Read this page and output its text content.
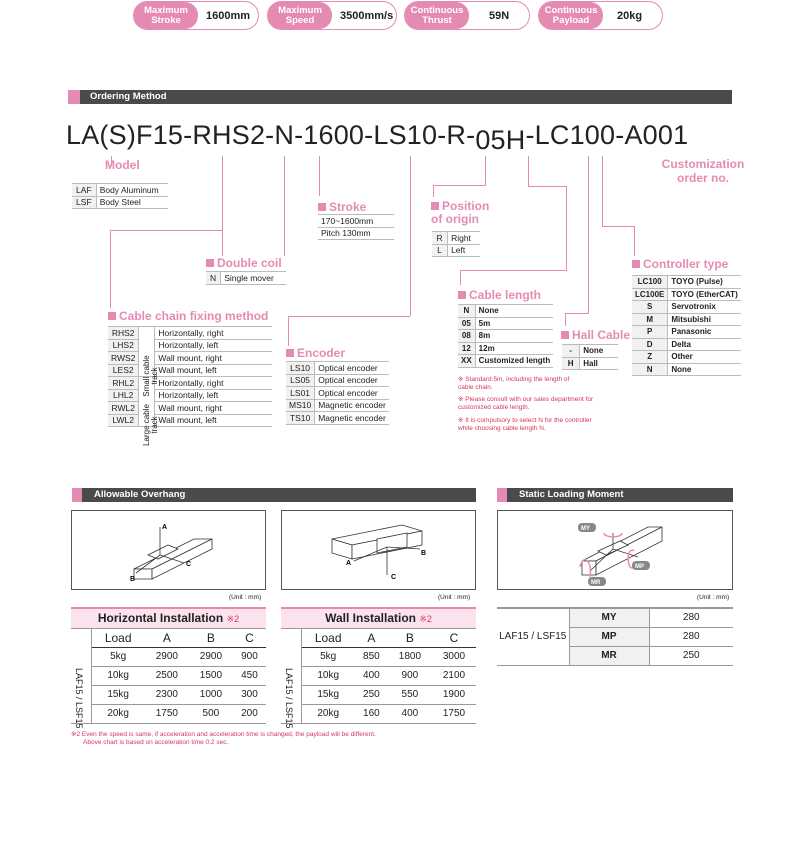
Maximum Stroke	1600mm	Maximum Speed	3500mm/s	Continuous Thrust	59N	Continuous Payload	20kg
Ordering Method
LA(S)F15-RHS2-N-1600-LS10-R-05H-LC100-A001
Model
LAF	Body Aluminum
LSF	Body Steel
Customization order no.
Stroke
170~1600mm
Pitch 130mm
Position of origin
R	Right
L	Left
Double coil
N	Single mover
Controller type
LC100	TOYO (Pulse)
LC100E	TOYO (EtherCAT)
S	Servotronix
M	Mitsubishi
P	Panasonic
D	Delta
Z	Other
N	None
Cable length
N	None
05	5m
08	8m
12	12m
XX	Customized length
※ Standard:5m, including the length of cable chain.
※ Please consult with our sales department for customized cable length.
※ It is compulsory to select N for the controller while choosing cable length N.
Hall Cable
-	None
H	Hall
Cable chain fixing method
RHS2		Horizontally, right
LHS2		Horizontally, left
RWS2		Wall mount, right
LES2		Wall mount, left
RHL2		Horizontally, right
LHL2		Horizontally, left
RWL2		Wall mount, right
LWL2		Wall mount, left
Small cable track
Large cable track
Encoder
LS10	Optical encoder
LS05	Optical encoder
LS01	Optical encoder
MS10	Magnetic encoder
TS10	Magnetic encoder
Allowable Overhang	Static Loading Moment
A
C
B
A
B
C
MY
MP
MR
(Unit : mm)	(Unit : mm)	(Unit : mm)
Horizontal Installation ※2				

LAF15 / LSF15	Load	A	B	C
	5kg	2900	2900	900
	10kg	2500	1500	450
	15kg	2300	1000	300
	20kg	1750	500	200
Wall Installation ※2				

LAF15 / LSF15	Load	A	B	C
	5kg	850	1800	3000
	10kg	400	900	2100
	15kg	250	550	1900
	20kg	160	400	1750
LAF15 / LSF15	MY	280
	MP	280
	MR	250
※2 Even the speed is same, if acceleration and acceleration time is changed, the payload will be different.
Above chart is based on acceleration time 0.2 sec.
